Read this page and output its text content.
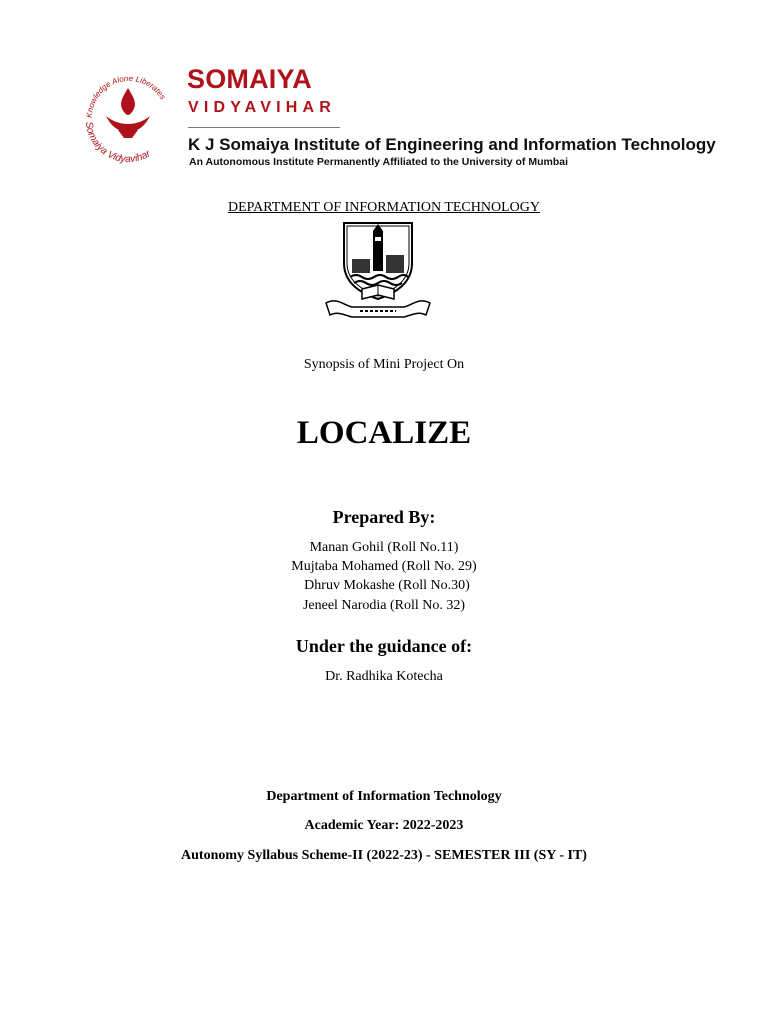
Knowledge Alone Liberates
Somaiya Vidyavihar
SOMAIYA
VIDYAVIHAR
K J Somaiya Institute of Engineering and Information Technology
An Autonomous Institute Permanently Affiliated to the University of Mumbai
DEPARTMENT OF INFORMATION TECHNOLOGY
Synopsis of Mini Project On
LOCALIZE
Prepared By:
Manan Gohil (Roll No.11)
Mujtaba Mohamed (Roll No. 29)
Dhruv Mokashe (Roll No.30)
Jeneel Narodia (Roll No. 32)
Under the guidance of:
Dr. Radhika Kotecha
Department of Information Technology
Academic Year: 2022-2023
Autonomy Syllabus Scheme-II (2022-23) - SEMESTER III (SY - IT)
